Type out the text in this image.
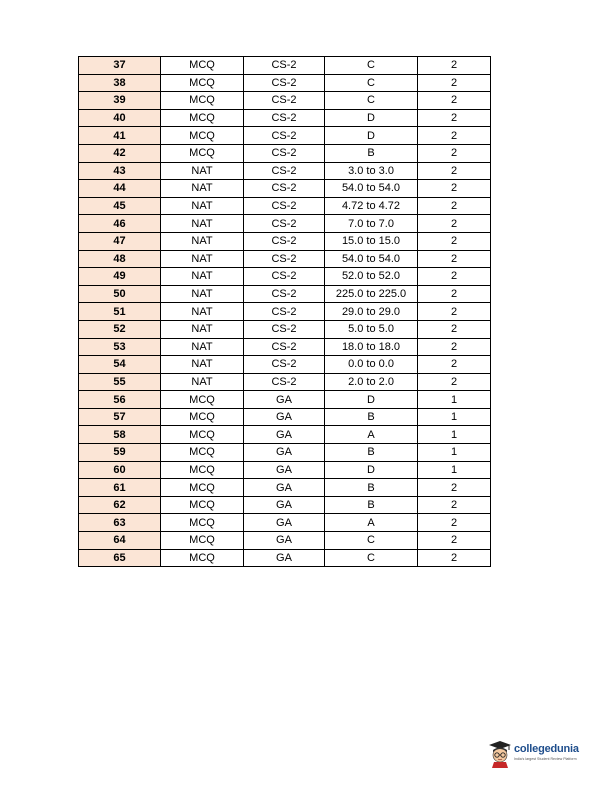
37	MCQ	CS-2	C	2
38	MCQ	CS-2	C	2
39	MCQ	CS-2	C	2
40	MCQ	CS-2	D	2
41	MCQ	CS-2	D	2
42	MCQ	CS-2	B	2
43	NAT	CS-2	3.0 to 3.0	2
44	NAT	CS-2	54.0 to 54.0	2
45	NAT	CS-2	4.72 to 4.72	2
46	NAT	CS-2	7.0 to 7.0	2
47	NAT	CS-2	15.0 to 15.0	2
48	NAT	CS-2	54.0 to 54.0	2
49	NAT	CS-2	52.0 to 52.0	2
50	NAT	CS-2	225.0 to 225.0	2
51	NAT	CS-2	29.0 to 29.0	2
52	NAT	CS-2	5.0 to 5.0	2
53	NAT	CS-2	18.0 to 18.0	2
54	NAT	CS-2	0.0 to 0.0	2
55	NAT	CS-2	2.0 to 2.0	2
56	MCQ	GA	D	1
57	MCQ	GA	B	1
58	MCQ	GA	A	1
59	MCQ	GA	B	1
60	MCQ	GA	D	1
61	MCQ	GA	B	2
62	MCQ	GA	B	2
63	MCQ	GA	A	2
64	MCQ	GA	C	2
65	MCQ	GA	C	2
collegedunia
India's largest Student Review Platform
